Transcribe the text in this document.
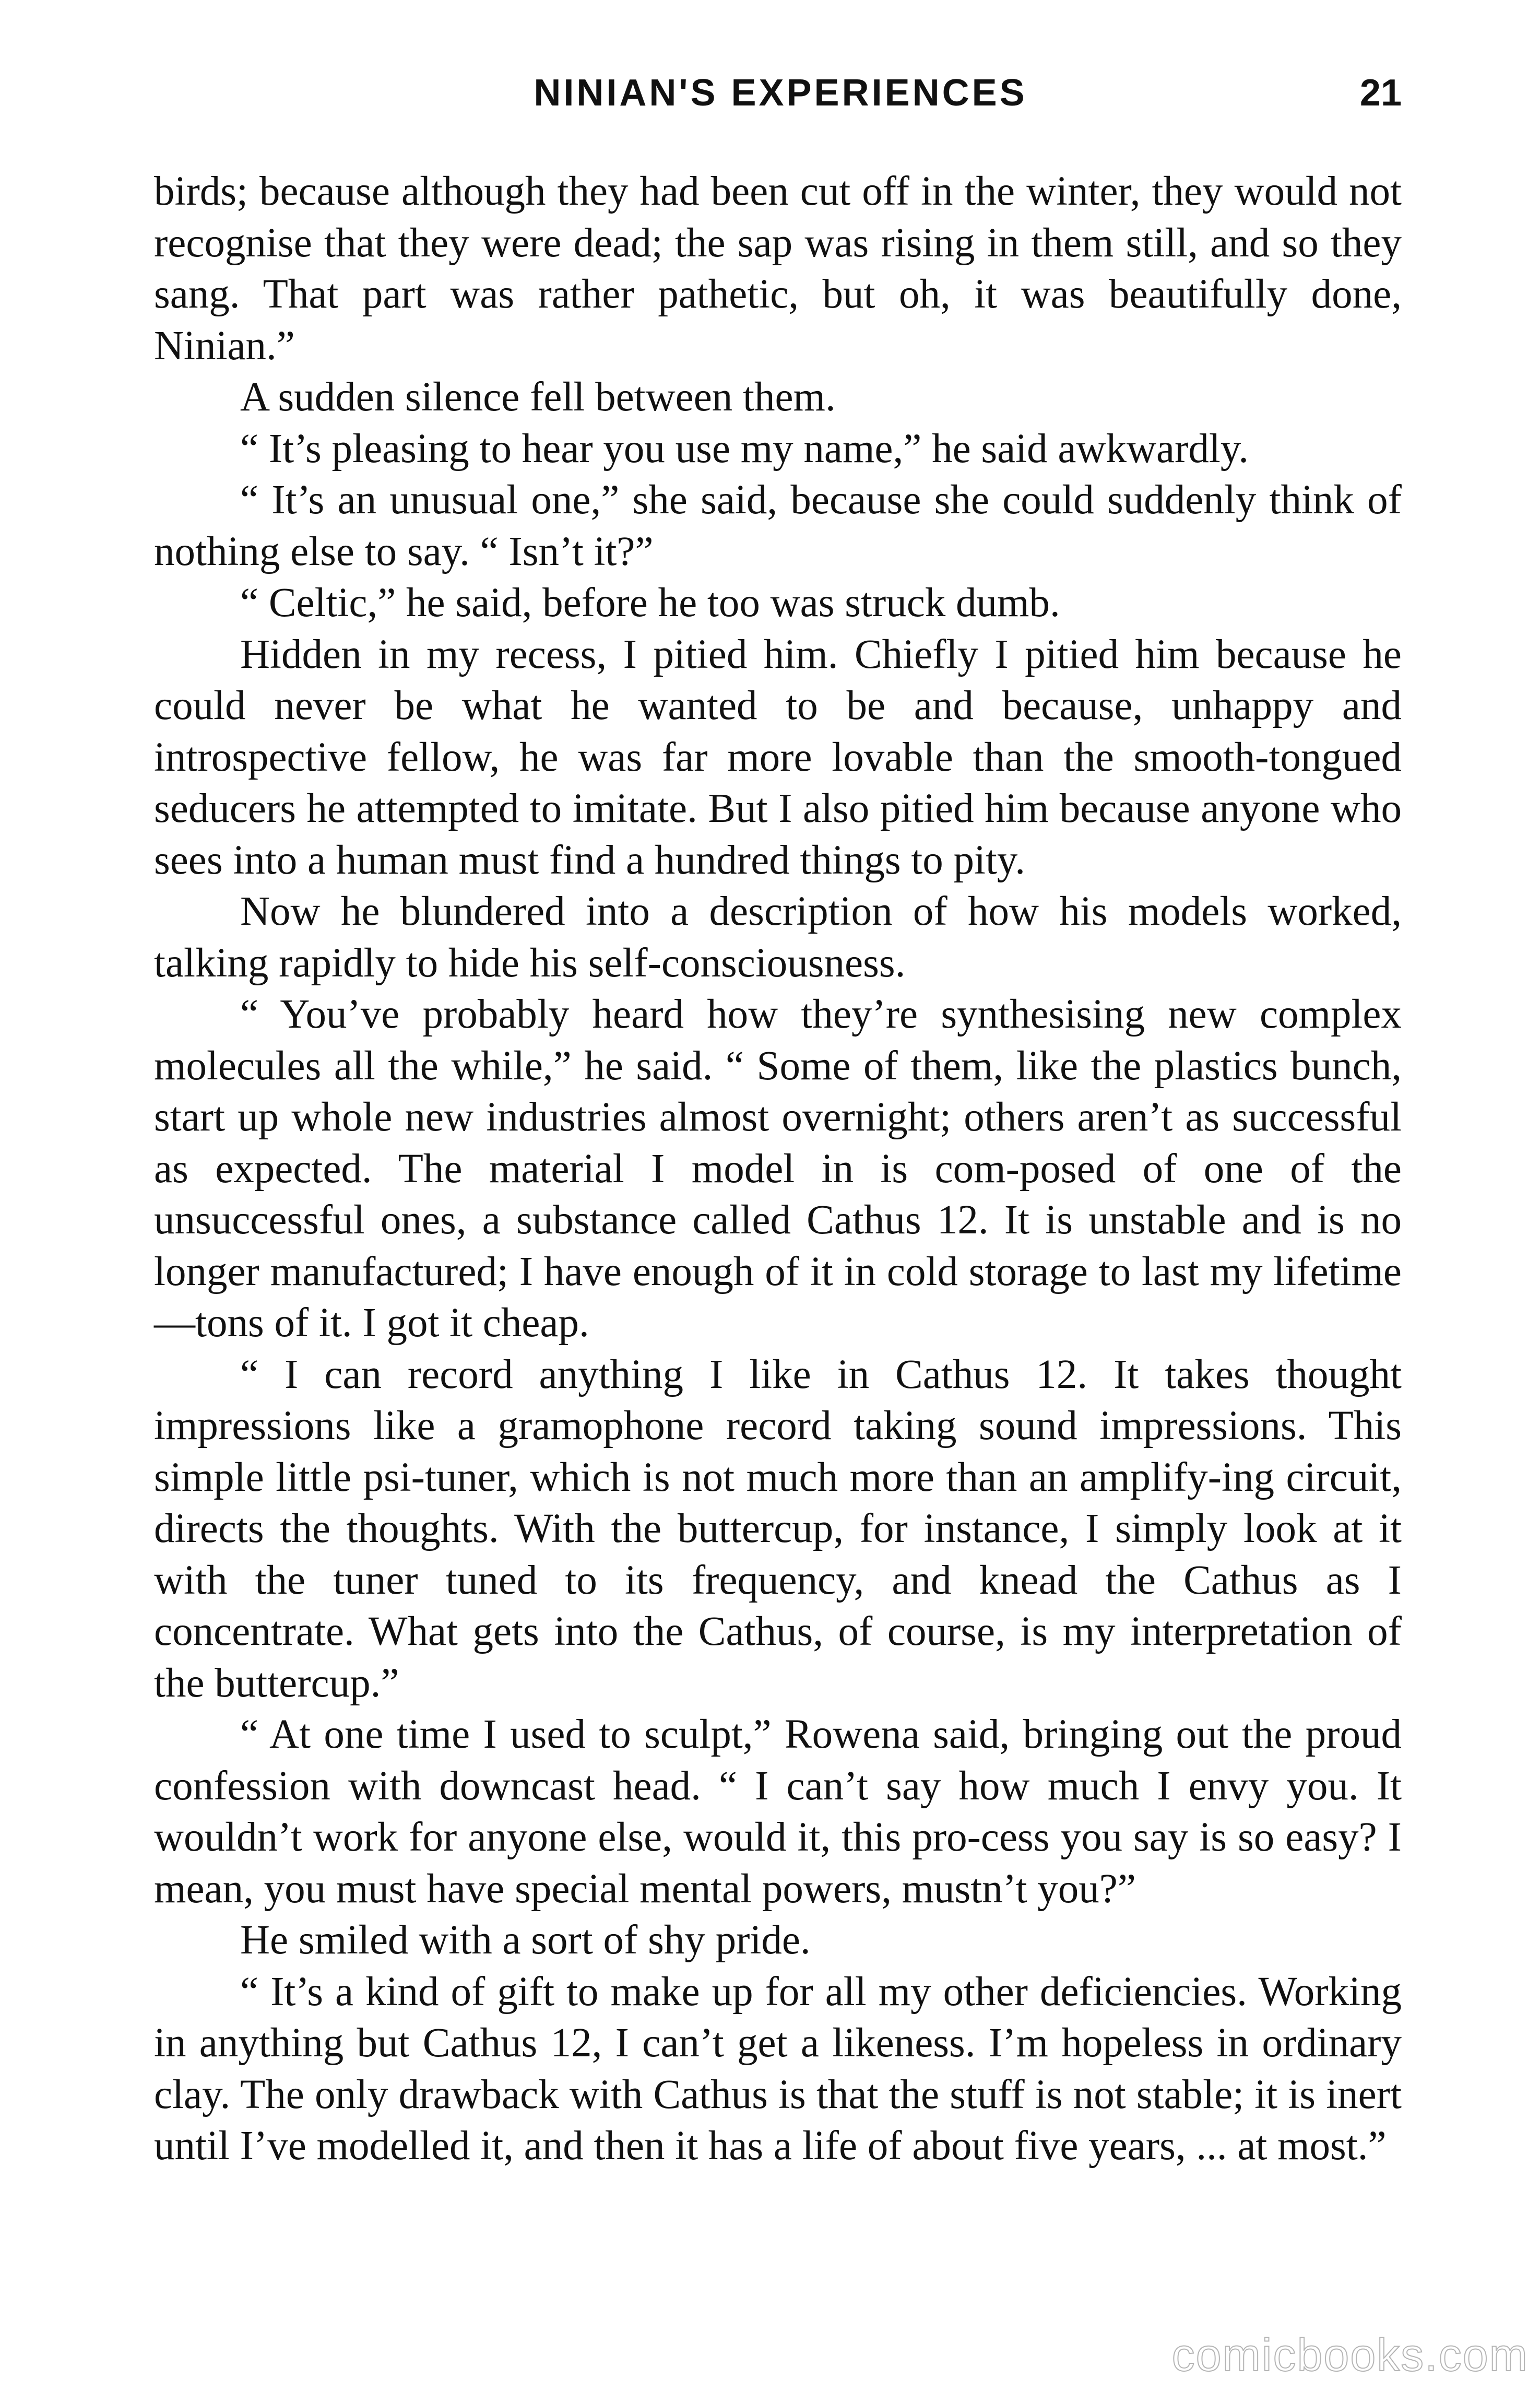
NINIAN'S EXPERIENCES	21

birds; because although they had been cut off in the winter, they would not recognise that they were dead; the sap was rising in them still, and so they sang. That part was rather pathetic, but oh, it was beautifully done, Ninian.”

A sudden silence fell between them.

“ It’s pleasing to hear you use my name,” he said awkwardly.

“ It’s an unusual one,” she said, because she could suddenly think of nothing else to say. “ Isn’t it?”

“ Celtic,” he said, before he too was struck dumb.

Hidden in my recess, I pitied him. Chiefly I pitied him because he could never be what he wanted to be and because, unhappy and introspective fellow, he was far more lovable than the smooth-tongued seducers he attempted to imitate. But I also pitied him because anyone who sees into a human must find a hundred things to pity.

Now he blundered into a description of how his models worked, talking rapidly to hide his self-consciousness.

“ You’ve probably heard how they’re synthesising new complex molecules all the while,” he said. “ Some of them, like the plastics bunch, start up whole new industries almost overnight; others aren’t as successful as expected. The material I model in is com-posed of one of the unsuccessful ones, a substance called Cathus 12. It is unstable and is no longer manufactured; I have enough of it in cold storage to last my lifetime—tons of it. I got it cheap.

“ I can record anything I like in Cathus 12. It takes thought impressions like a gramophone record taking sound impressions. This simple little psi-tuner, which is not much more than an amplify-ing circuit, directs the thoughts. With the buttercup, for instance, I simply look at it with the tuner tuned to its frequency, and knead the Cathus as I concentrate. What gets into the Cathus, of course, is my interpretation of the buttercup.”

“ At one time I used to sculpt,” Rowena said, bringing out the proud confession with downcast head. “ I can’t say how much I envy you. It wouldn’t work for anyone else, would it, this pro-cess you say is so easy? I mean, you must have special mental powers, mustn’t you?”

He smiled with a sort of shy pride.

“ It’s a kind of gift to make up for all my other deficiencies. Working in anything but Cathus 12, I can’t get a likeness. I’m hopeless in ordinary clay. The only drawback with Cathus is that the stuff is not stable; it is inert until I’ve modelled it, and then it has a life of about five years, ... at most.”

comicbooks.com
